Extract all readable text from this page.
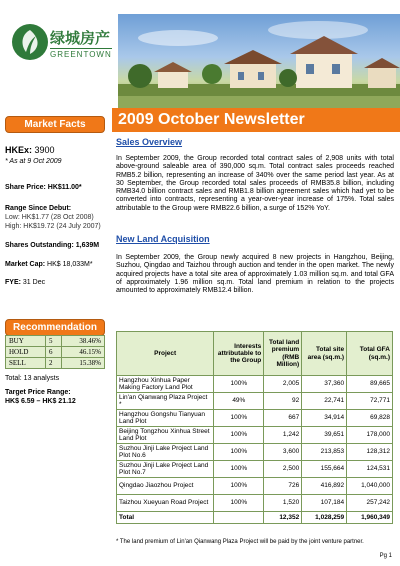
绿城房产
GREENTOWN
2009 October Newsletter
Market Facts
HKEx: 3900
* As at 9 Oct 2009
Share Price: HK$11.00*
Range Since Debut:
Low: HK$1.77 (28 Oct 2008)
High: HK$19.72 (24 July 2007)
Shares Outstanding: 1,639M
Market Cap: HK$ 18,033M*
FYE: 31 Dec
Recommendation
BUY	5	38.46%
HOLD	6	46.15%
SELL	2	15.38%
Total: 13 analysts
Target Price Range:
HK$ 6.59 – HK$ 21.12
Sales Overview
In September 2009, the Group recorded total contract sales of 2,908 units with total above-ground saleable area of 390,000 sq.m. Total contract sales proceeds reached RMB5.2 billion, representing an increase of 340% over the same period last year. As at 30 September, the Group recorded total sales proceeds of RMB35.8 billion, including RMB34.0 billion contract sales and RMB1.8 billion agreement sales which had yet to be converted into contracts, representing a year-over-year increase of 175%. Total sales attributable to the Group were RMB22.6 billion, a surge of 152% YoY.
New Land Acquisition
In September 2009, the Group newly acquired 8 new projects in Hangzhou, Beijing, Suzhou, Qingdao and Taizhou through auction and tender in the open market. The newly acquired projects have a total site area of approximately 1.03 million sq.m. and total GFA of approximately 1.96 million sq.m. Total land premium in relation to the projects amounted to approximately RMB12.4 billion.
Project	Interests attributable to the Group	Total land premium (RMB Million)	Total site area (sq.m.)	Total GFA (sq.m.)
Hangzhou Xinhua Paper Making Factory Land Plot	100%	2,005	37,360	89,665
Lin'an Qianwang Plaza Project *	49%	92	22,741	72,771
Hangzhou Gongshu Tianyuan Land Plot	100%	667	34,914	69,828
Beijing Tongzhou Xinhua Street Land Plot	100%	1,242	39,651	178,000
Suzhou Jinji Lake Project Land Plot No.6	100%	3,600	213,853	128,312
Suzhou Jinji Lake Project Land Plot No.7	100%	2,500	155,664	124,531
Qingdao Jiaozhou Project	100%	726	416,892	1,040,000
Taizhou Xueyuan Road Project	100%	1,520	107,184	257,242
Total		12,352	1,028,259	1,960,349
* The land premium of Lin'an Qianwang Plaza Project will be paid by the joint venture partner.
Pg 1
